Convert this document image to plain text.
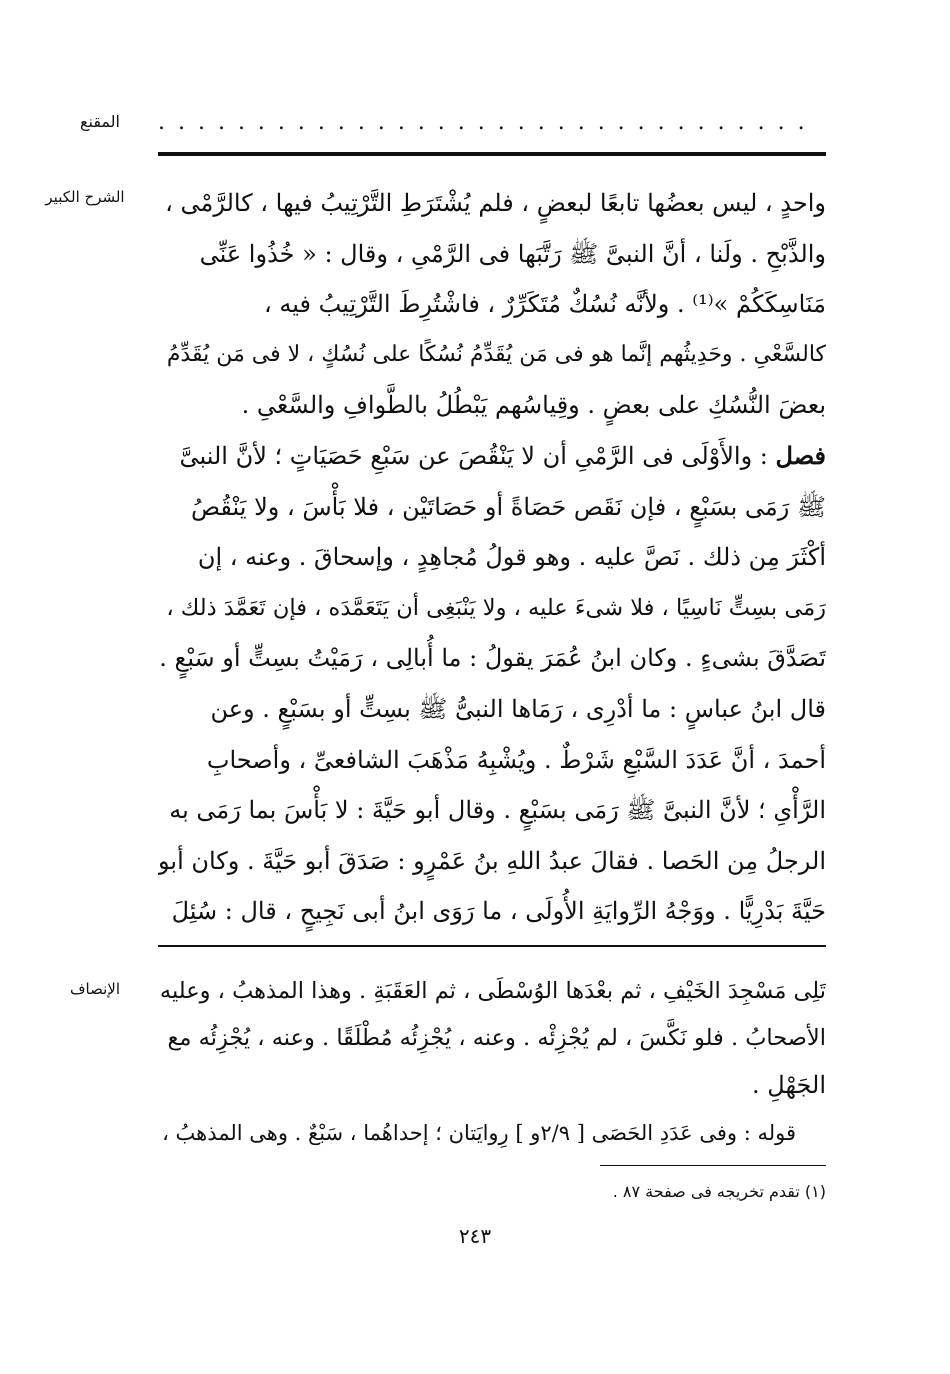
. . . . . . . . . . . . . . . . . . . . . . . . . . . . . . . . .
المقنع
الشرح الكبير
الإنصاف
واحدٍ ، ليس بعضُها تابعًا لبعضٍ ، فلم يُشْتَرَطِ التَّرْتِيبُ فيها ، كالرَّمْى ،
والذَّبْحِ . ولَنا ، أنَّ النبىَّ ﷺ رَتَّبَها فى الرَّمْىِ ، وقال : « خُذُوا عَنِّى
مَنَاسِكَكُمْ »⁽¹⁾ . ولأنَّه نُسُكٌ مُتَكَرِّرٌ ، فاشْتُرِطَ التَّرْتِيبُ فيه ،
كالسَّعْىِ . وحَدِيثُهم إنَّما هو فى مَن يُقَدِّمُ نُسُكًا على نُسُكٍ ، لا فى مَن يُقَدِّمُ
بعضَ النُّسُكِ على بعضٍ . وقِياسُهم يَبْطُلُ بالطَّوافِ والسَّعْىِ .
فصل : والأَوْلَى فى الرَّمْىِ أن لا يَنْقُصَ عن سَبْعِ حَصَيَاتٍ ؛ لأنَّ النبىَّ
ﷺ رَمَى بسَبْعٍ ، فإن نَقَص حَصَاةً أو حَصَاتَيْن ، فلا بَأْسَ ، ولا يَنْقُصُ
أكْثَرَ مِن ذلك . نَصَّ عليه . وهو قولُ مُجاهِدٍ ، وإسحاقَ . وعنه ، إن
رَمَى بسِتٍّ نَاسِيًا ، فلا شىءَ عليه ، ولا يَنْبَغِى أن يَتَعَمَّدَه ، فإن تَعَمَّدَ ذلك ،
تَصَدَّقَ بشىءٍ . وكان ابنُ عُمَرَ يقولُ : ما أُبالِى ، رَمَيْتُ بسِتٍّ أو سَبْعٍ .
قال ابنُ عباسٍ : ما أدْرِى ، رَمَاها النبىُّ ﷺ بسِتٍّ أو بسَبْعٍ . وعن
أحمدَ ، أنَّ عَدَدَ السَّبْعِ شَرْطٌ . ويُشْبِهُ مَذْهَبَ الشافعىِّ ، وأصحابِ
الرَّأْىِ ؛ لأنَّ النبىَّ ﷺ رَمَى بسَبْعٍ . وقال أبو حَيَّةَ : لا بَأْسَ بما رَمَى به
الرجلُ مِن الحَصا . فقالَ عبدُ اللهِ بنُ عَمْرٍو : صَدَقَ أبو حَيَّةَ . وكان أبو
حَيَّةَ بَدْرِيًّا . ووَجْهُ الرِّوايَةِ الأُولَى ، ما رَوَى ابنُ أبى نَجِيحٍ ، قال : سُئِلَ
تَلِى مَسْجِدَ الخَيْفِ ، ثم بعْدَها الوُسْطَى ، ثم العَقَبَةِ . وهذا المذهبُ ، وعليه
الأصحابُ . فلو نَكَّسَ ، لم يُجْزِئْه . وعنه ، يُجْزِئُه مُطْلَقًا . وعنه ، يُجْزِئُه مع
الجَهْلِ .
قوله : وفى عَدَدِ الحَصَى [ ٢/٩و ] رِوايَتان ؛ إحداهُما ، سَبْعٌ . وهى المذهبُ ،
(١) تقدم تخريجه فى صفحة ٨٧ .
٢٤٣
